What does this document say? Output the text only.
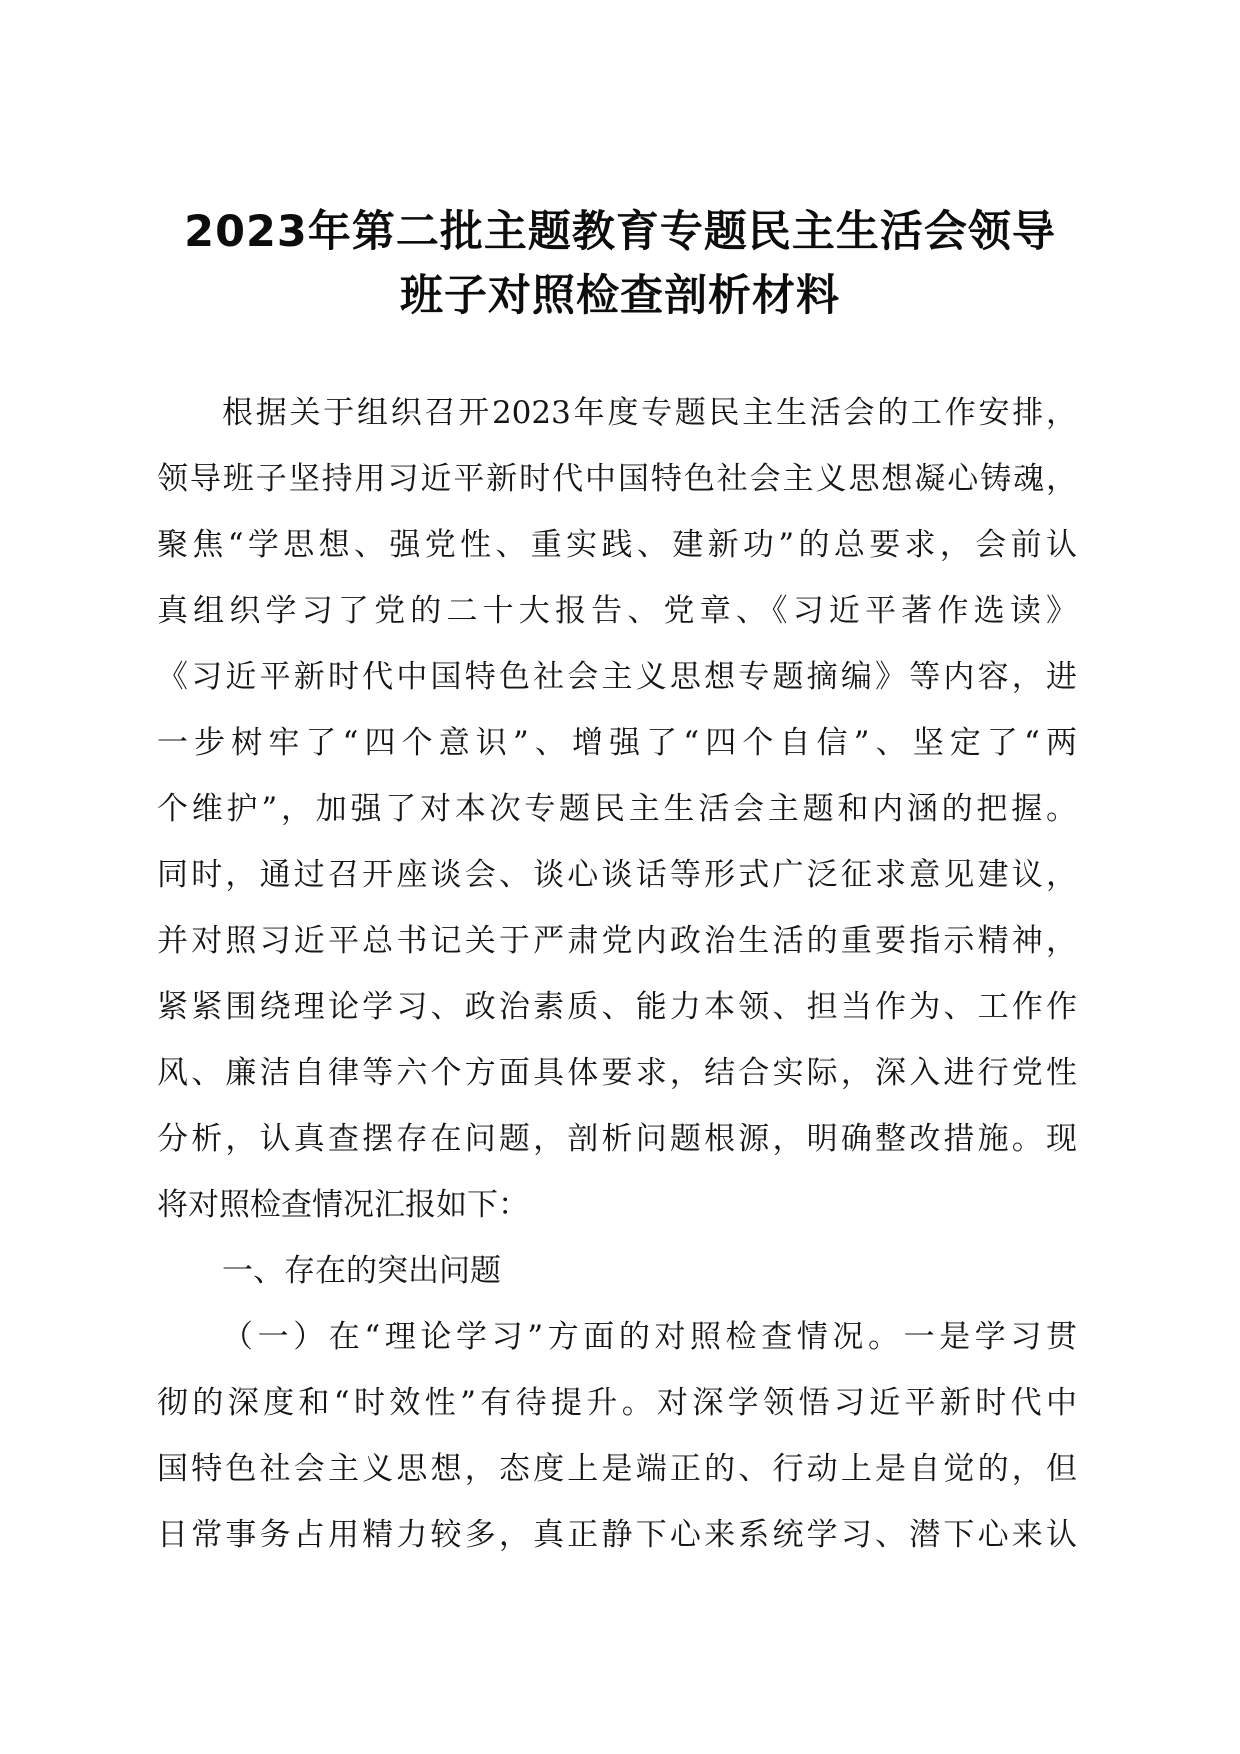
2023年第二批主题教育专题民主生活会领导
班子对照检查剖析材料
根据关于组织召开2023年度专题民主生活会的工作安排，
领导班子坚持用习近平新时代中国特色社会主义思想凝心铸魂，
聚焦“学思想、强党性、重实践、建新功”的总要求，会前认
真组织学习了党的二十大报告、党章、《习近平著作选读》
《习近平新时代中国特色社会主义思想专题摘编》等内容，进
一步树牢了“四个意识”、增强了“四个自信”、坚定了“两
个维护”，加强了对本次专题民主生活会主题和内涵的把握。
同时，通过召开座谈会、谈心谈话等形式广泛征求意见建议，
并对照习近平总书记关于严肃党内政治生活的重要指示精神，
紧紧围绕理论学习、政治素质、能力本领、担当作为、工作作
风、廉洁自律等六个方面具体要求，结合实际，深入进行党性
分析，认真查摆存在问题，剖析问题根源，明确整改措施。现
将对照检查情况汇报如下：
一、存在的突出问题
（一）在“理论学习”方面的对照检查情况。一是学习贯
彻的深度和“时效性”有待提升。对深学领悟习近平新时代中
国特色社会主义思想，态度上是端正的、行动上是自觉的，但
日常事务占用精力较多，真正静下心来系统学习、潜下心来认
